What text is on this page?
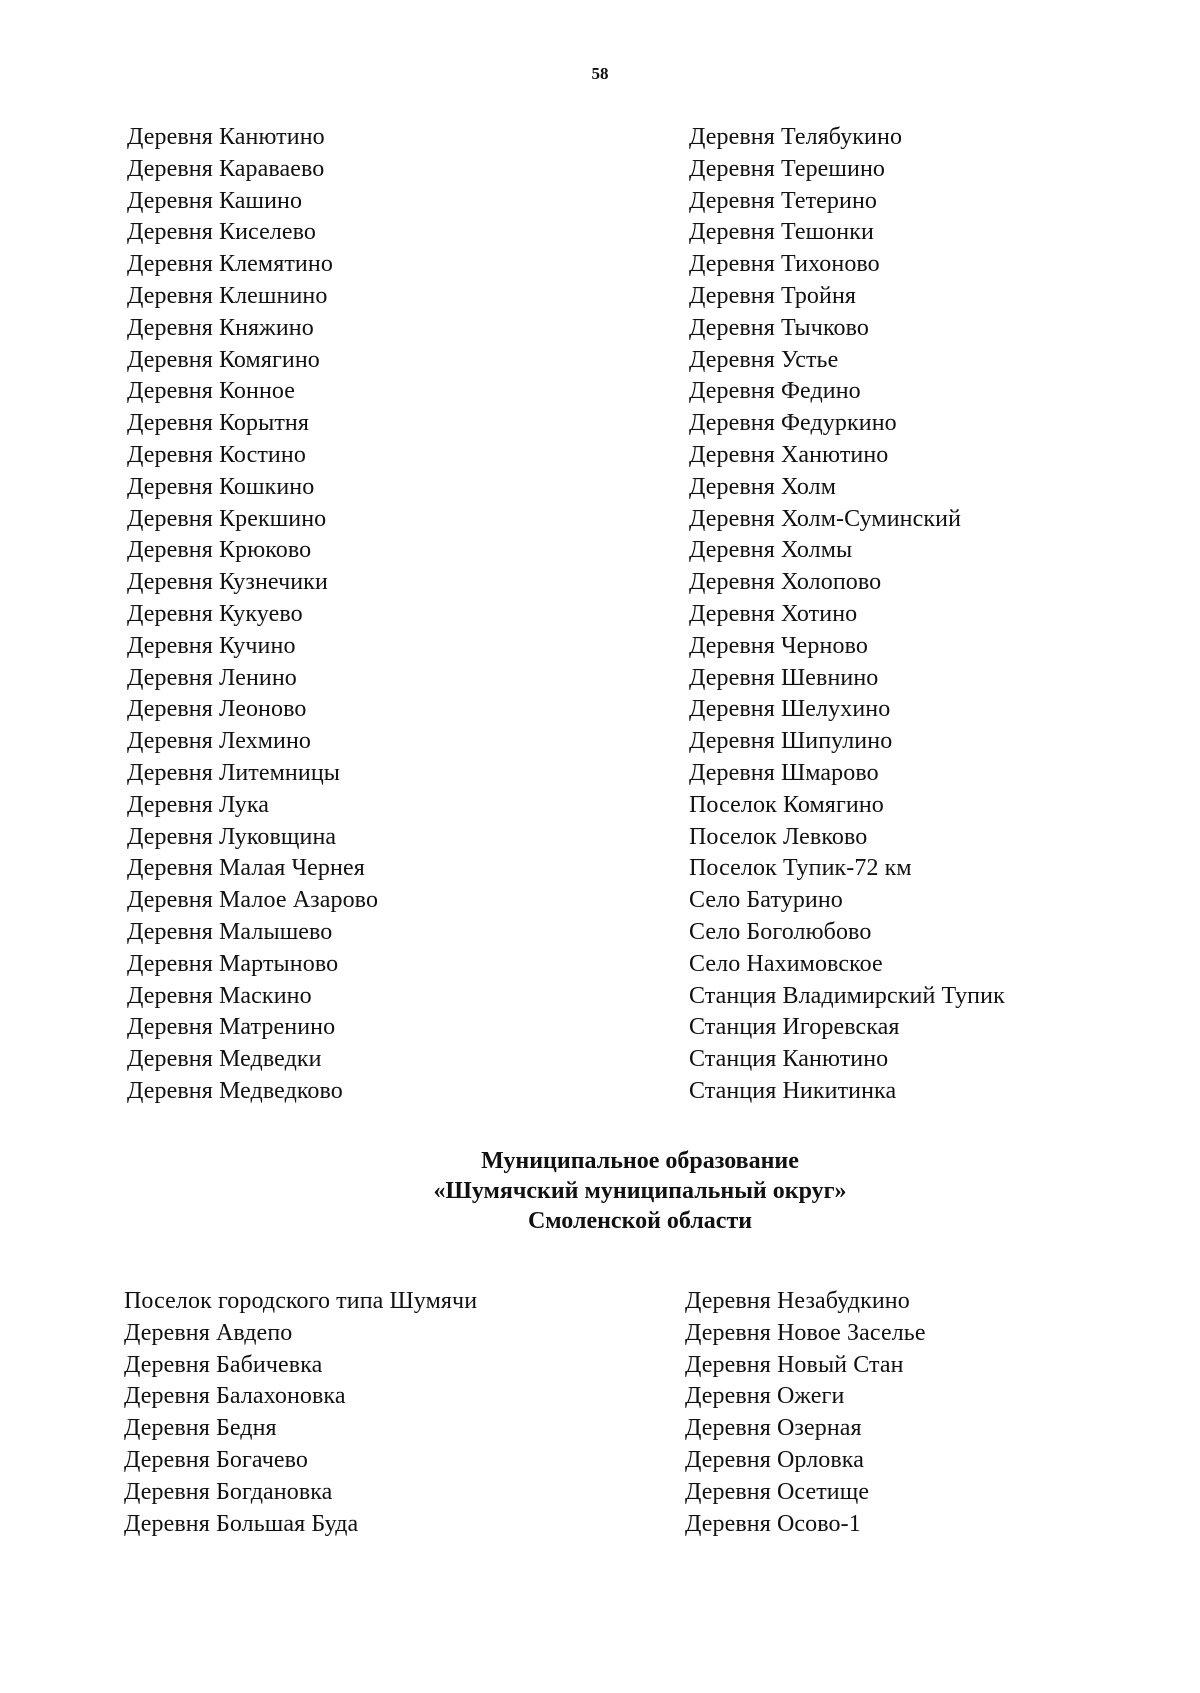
58
Деревня Канютино
Деревня Караваево
Деревня Кашино
Деревня Киселево
Деревня Клемятино
Деревня Клешнино
Деревня Княжино
Деревня Комягино
Деревня Конное
Деревня Корытня
Деревня Костино
Деревня Кошкино
Деревня Крекшино
Деревня Крюково
Деревня Кузнечики
Деревня Кукуево
Деревня Кучино
Деревня Ленино
Деревня Леоново
Деревня Лехмино
Деревня Литемницы
Деревня Лука
Деревня Луковщина
Деревня Малая Чернея
Деревня Малое Азарово
Деревня Малышево
Деревня Мартыново
Деревня Маскино
Деревня Матренино
Деревня Медведки
Деревня Медведково
Деревня Телябукино
Деревня Терешино
Деревня Тетерино
Деревня Тешонки
Деревня Тихоново
Деревня Тройня
Деревня Тычково
Деревня Устье
Деревня Федино
Деревня Федуркино
Деревня Ханютино
Деревня Холм
Деревня Холм-Суминский
Деревня Холмы
Деревня Холопово
Деревня Хотино
Деревня Черново
Деревня Шевнино
Деревня Шелухино
Деревня Шипулино
Деревня Шмарово
Поселок Комягино
Поселок Левково
Поселок Тупик-72 км
Село Батурино
Село Боголюбово
Село Нахимовское
Станция Владимирский Тупик
Станция Игоревская
Станция Канютино
Станция Никитинка
Муниципальное образование
«Шумячский муниципальный округ»
Смоленской области
Поселок городского типа Шумячи
Деревня Авдепо
Деревня Бабичевка
Деревня Балахоновка
Деревня Бедня
Деревня Богачево
Деревня Богдановка
Деревня Большая Буда
Деревня Незабудкино
Деревня Новое Заселье
Деревня Новый Стан
Деревня Ожеги
Деревня Озерная
Деревня Орловка
Деревня Осетище
Деревня Осово-1
